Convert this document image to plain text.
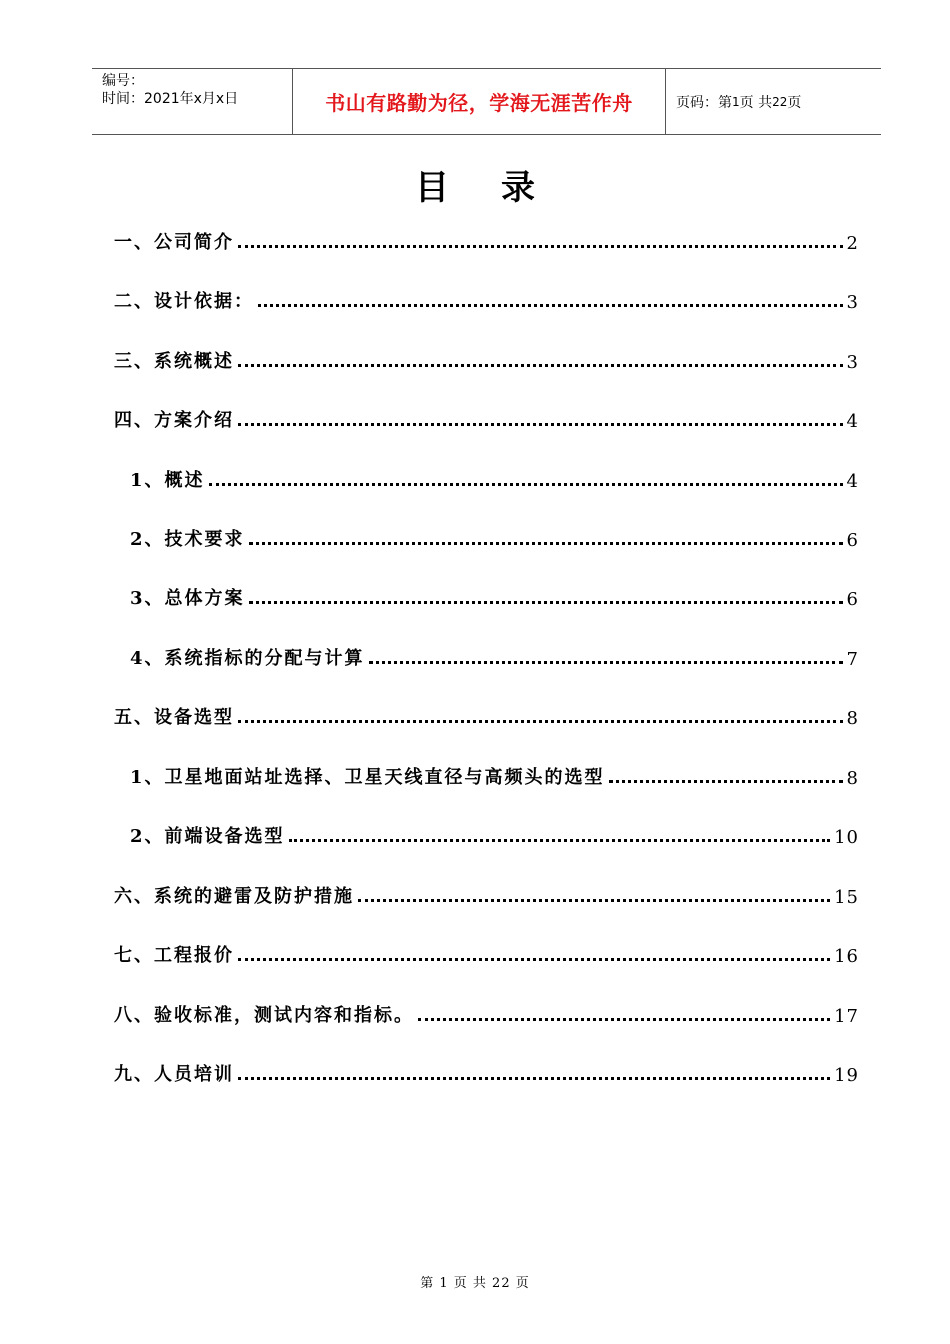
编号：
时间：2021年x月x日	书山有路勤为径，学海无涯苦作舟	页码：第 1 页 共 22 页
目录
一、公司简介	2
二、设计依据：	3
三、系统概述	3
四、方案介绍	4
1、概述	4
2、技术要求	6
3、总体方案	6
4、系统指标的分配与计算	7
五、设备选型	8
1、卫星地面站址选择、卫星天线直径与高频头的选型	8
2、前端设备选型	10
六、系统的避雷及防护措施	15
七、工程报价	16
八、验收标准，测试内容和指标。	17
九、人员培训	19
第 1 页 共 22 页
